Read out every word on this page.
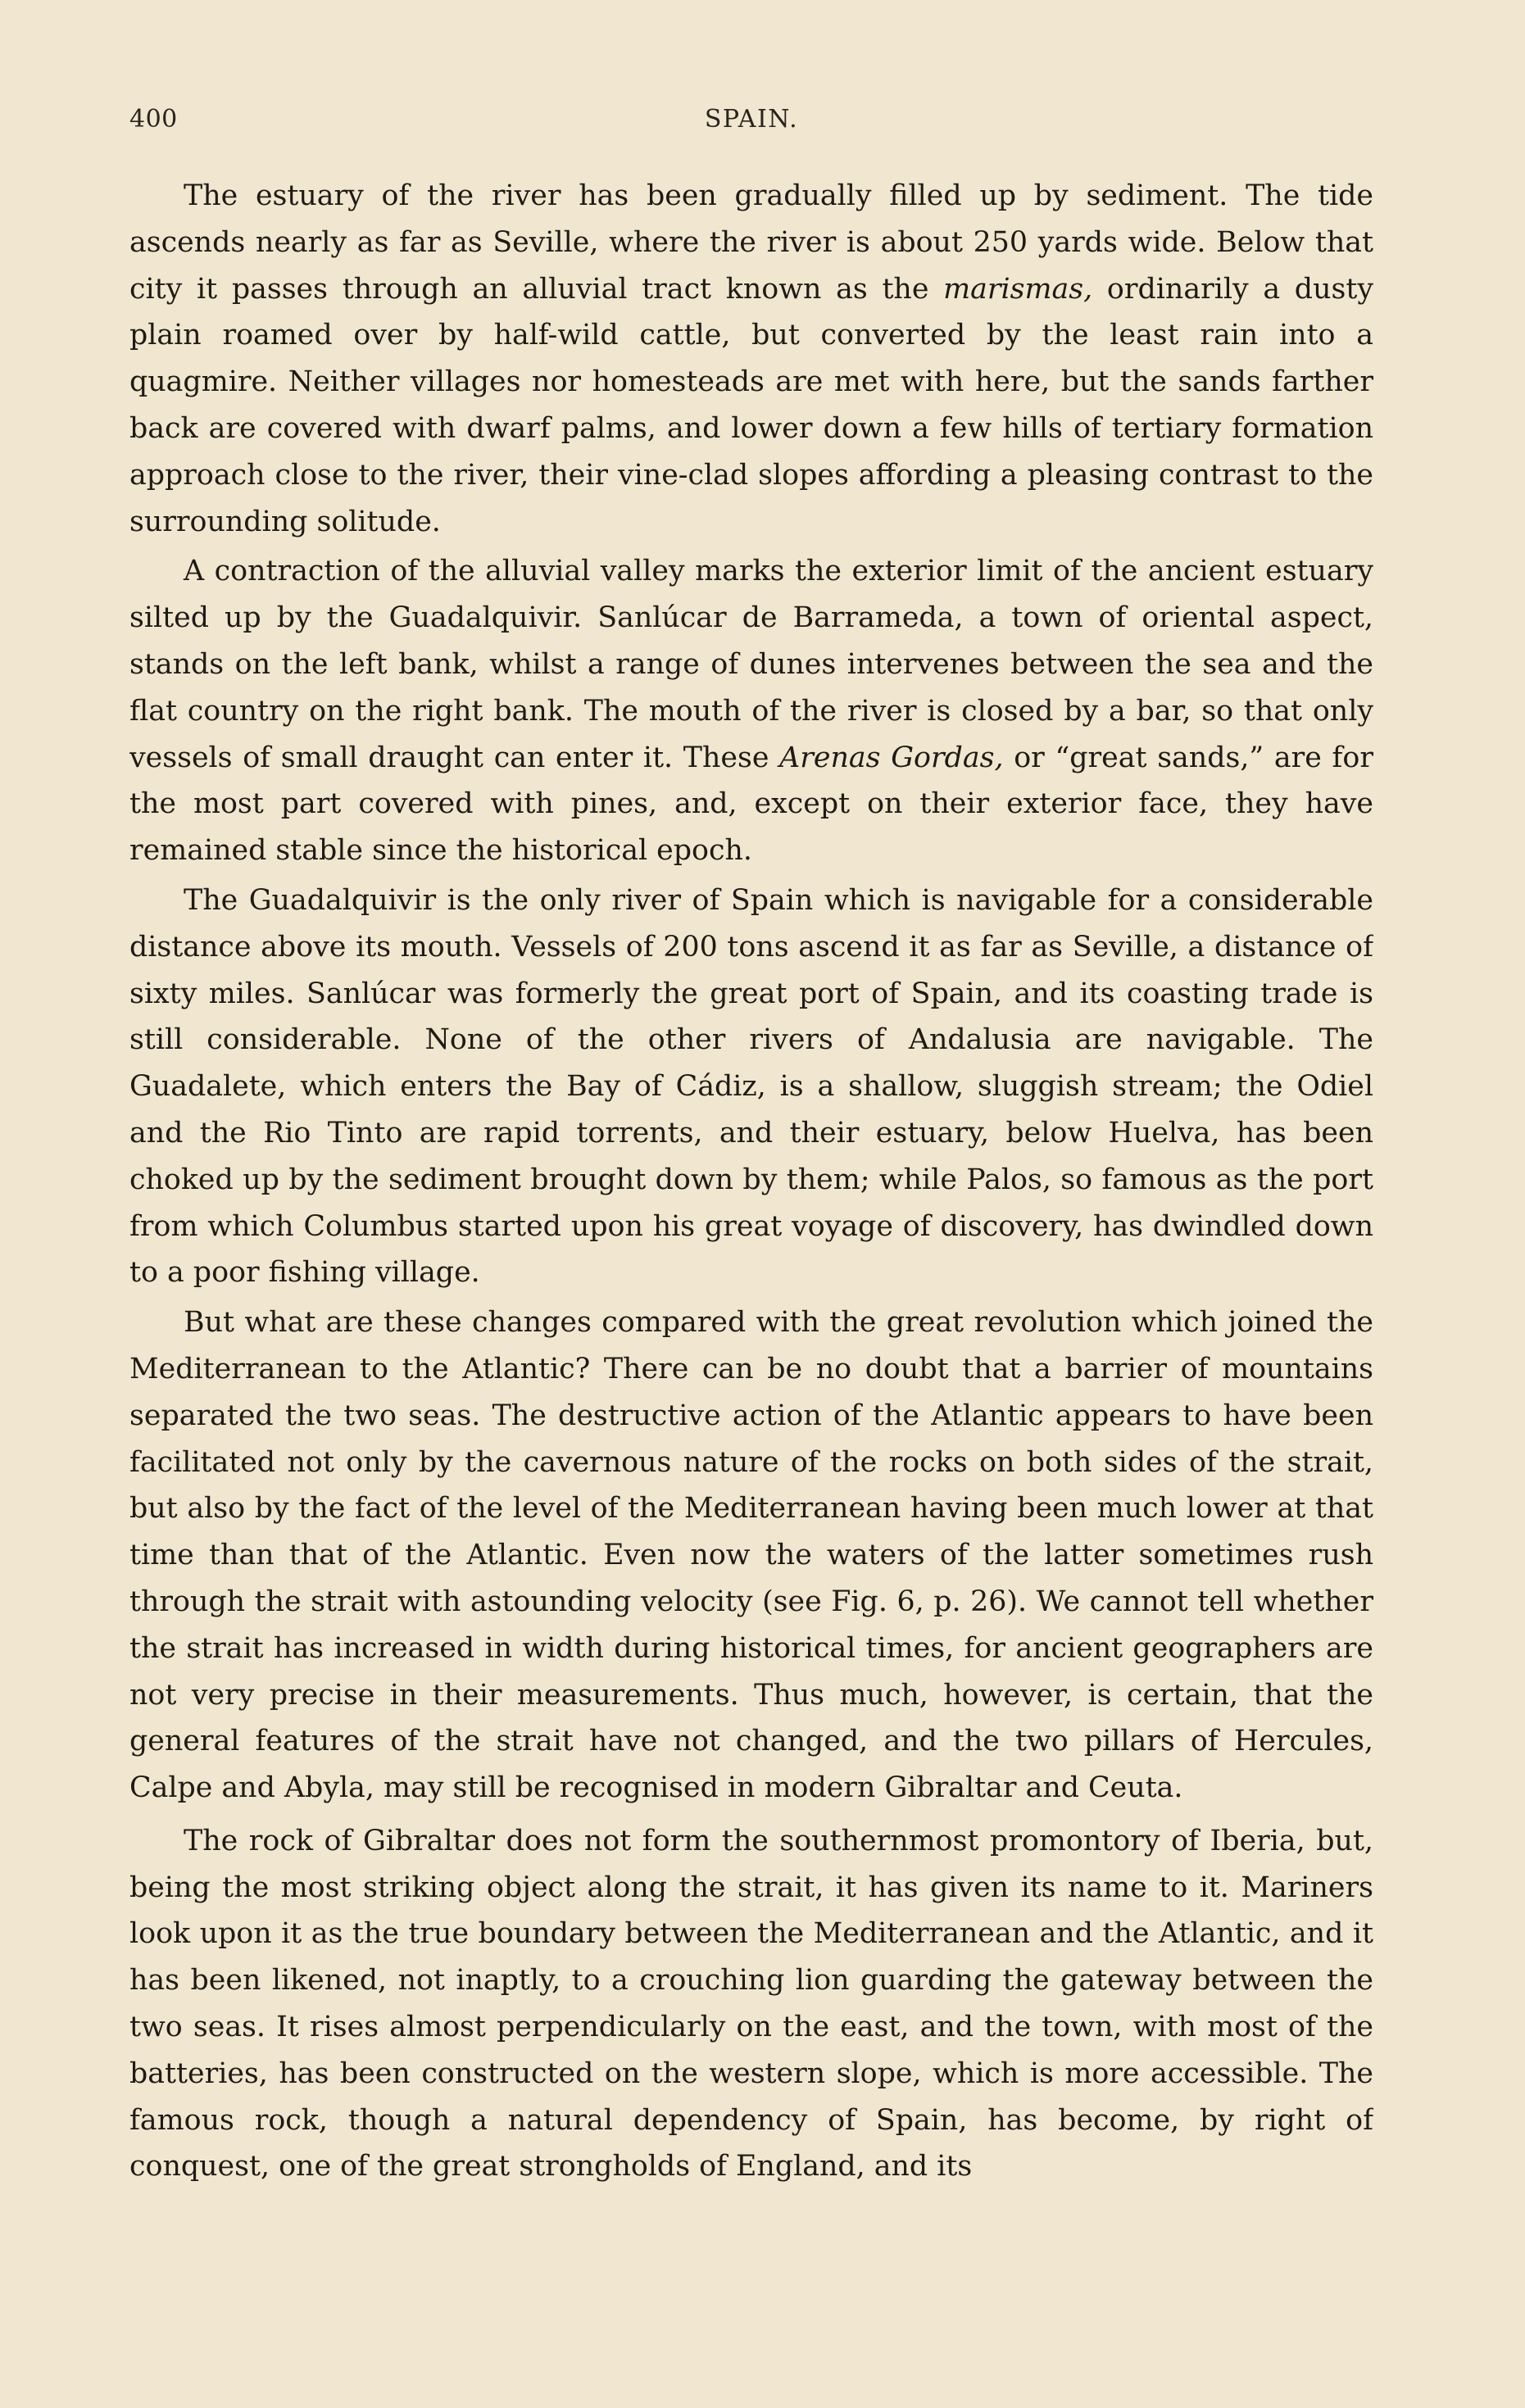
400	SPAIN.

The estuary of the river has been gradually filled up by sediment. The tide ascends nearly as far as Seville, where the river is about 250 yards wide. Below that city it passes through an alluvial tract known as the marismas, ordinarily a dusty plain roamed over by half-wild cattle, but converted by the least rain into a quagmire. Neither villages nor homesteads are met with here, but the sands farther back are covered with dwarf palms, and lower down a few hills of tertiary formation approach close to the river, their vine-clad slopes affording a pleasing contrast to the surrounding solitude.

A contraction of the alluvial valley marks the exterior limit of the ancient estuary silted up by the Guadalquivir. Sanlúcar de Barrameda, a town of oriental aspect, stands on the left bank, whilst a range of dunes intervenes between the sea and the flat country on the right bank. The mouth of the river is closed by a bar, so that only vessels of small draught can enter it. These Arenas Gordas, or “great sands,” are for the most part covered with pines, and, except on their exterior face, they have remained stable since the historical epoch.

The Guadalquivir is the only river of Spain which is navigable for a considerable distance above its mouth. Vessels of 200 tons ascend it as far as Seville, a distance of sixty miles. Sanlúcar was formerly the great port of Spain, and its coasting trade is still considerable. None of the other rivers of Andalusia are navigable. The Guadalete, which enters the Bay of Cádiz, is a shallow, sluggish stream; the Odiel and the Rio Tinto are rapid torrents, and their estuary, below Huelva, has been choked up by the sediment brought down by them; while Palos, so famous as the port from which Columbus started upon his great voyage of discovery, has dwindled down to a poor fishing village.

But what are these changes compared with the great revolution which joined the Mediterranean to the Atlantic? There can be no doubt that a barrier of mountains separated the two seas. The destructive action of the Atlantic appears to have been facilitated not only by the cavernous nature of the rocks on both sides of the strait, but also by the fact of the level of the Mediterranean having been much lower at that time than that of the Atlantic. Even now the waters of the latter sometimes rush through the strait with astounding velocity (see Fig. 6, p. 26). We cannot tell whether the strait has increased in width during historical times, for ancient geographers are not very precise in their measurements. Thus much, however, is certain, that the general features of the strait have not changed, and the two pillars of Hercules, Calpe and Abyla, may still be recognised in modern Gibraltar and Ceuta.

The rock of Gibraltar does not form the southernmost promontory of Iberia, but, being the most striking object along the strait, it has given its name to it. Mariners look upon it as the true boundary between the Mediterranean and the Atlantic, and it has been likened, not inaptly, to a crouching lion guarding the gateway between the two seas. It rises almost perpendicularly on the east, and the town, with most of the batteries, has been constructed on the western slope, which is more accessible. The famous rock, though a natural dependency of Spain, has become, by right of conquest, one of the great strongholds of England, and its
